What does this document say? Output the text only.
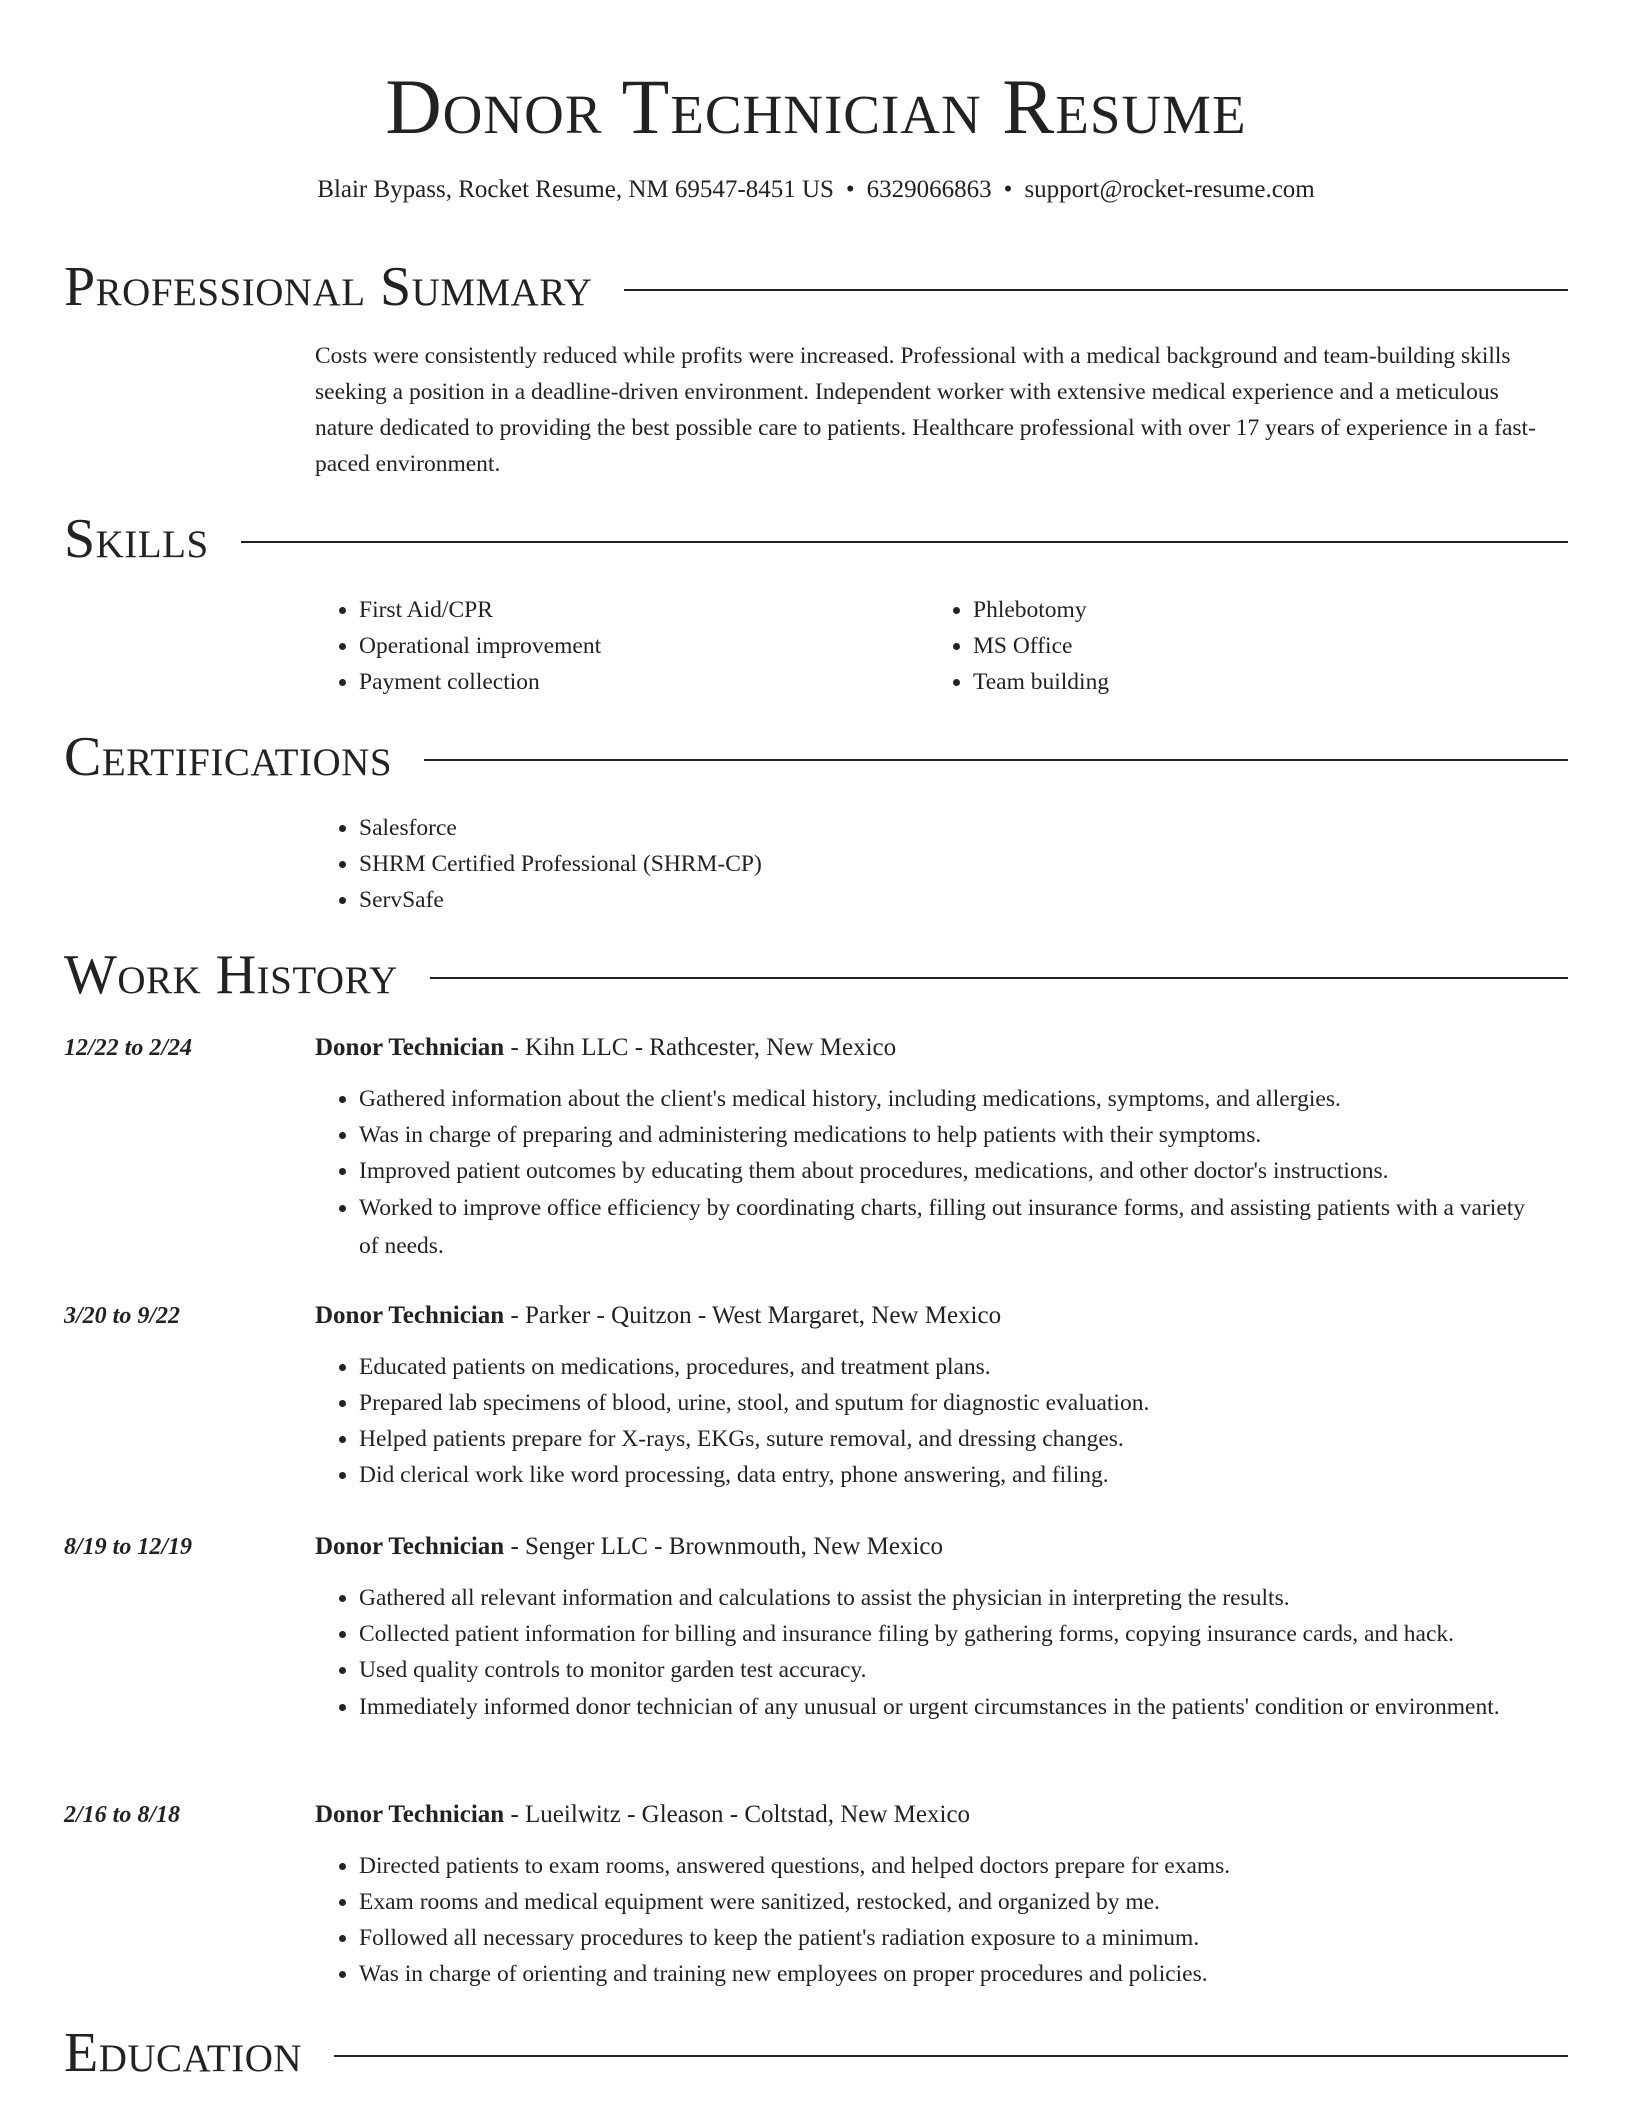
Donor Technician Resume
Blair Bypass, Rocket Resume, NM 69547-8451 US • 6329066863 • support@rocket-resume.com
Professional Summary

Costs were consistently reduced while profits were increased. Professional with a medical background and team-building skills seeking a position in a deadline-driven environment. Independent worker with extensive medical experience and a meticulous nature dedicated to providing the best possible care to patients. Healthcare professional with over 17 years of experience in a fast-paced environment.

Skills
• First Aid/CPR
• Operational improvement
• Payment collection
• Phlebotomy
• MS Office
• Team building
Certifications
• Salesforce
• SHRM Certified Professional (SHRM-CP)
• ServSafe
Work History
12/22 to 2/24	Donor Technician - Kihn LLC - Rathcester, New Mexico
• Gathered information about the client's medical history, including medications, symptoms, and allergies.
• Was in charge of preparing and administering medications to help patients with their symptoms.
• Improved patient outcomes by educating them about procedures, medications, and other doctor's instructions.
• Worked to improve office efficiency by coordinating charts, filling out insurance forms, and assisting patients with a variety of needs.
3/20 to 9/22	Donor Technician - Parker - Quitzon - West Margaret, New Mexico
• Educated patients on medications, procedures, and treatment plans.
• Prepared lab specimens of blood, urine, stool, and sputum for diagnostic evaluation.
• Helped patients prepare for X-rays, EKGs, suture removal, and dressing changes.
• Did clerical work like word processing, data entry, phone answering, and filing.
8/19 to 12/19	Donor Technician - Senger LLC - Brownmouth, New Mexico
• Gathered all relevant information and calculations to assist the physician in interpreting the results.
• Collected patient information for billing and insurance filing by gathering forms, copying insurance cards, and hack.
• Used quality controls to monitor garden test accuracy.
• Immediately informed donor technician of any unusual or urgent circumstances in the patients' condition or environment.
2/16 to 8/18	Donor Technician - Lueilwitz - Gleason - Coltstad, New Mexico
• Directed patients to exam rooms, answered questions, and helped doctors prepare for exams.
• Exam rooms and medical equipment were sanitized, restocked, and organized by me.
• Followed all necessary procedures to keep the patient's radiation exposure to a minimum.
• Was in charge of orienting and training new employees on proper procedures and policies.
Education
